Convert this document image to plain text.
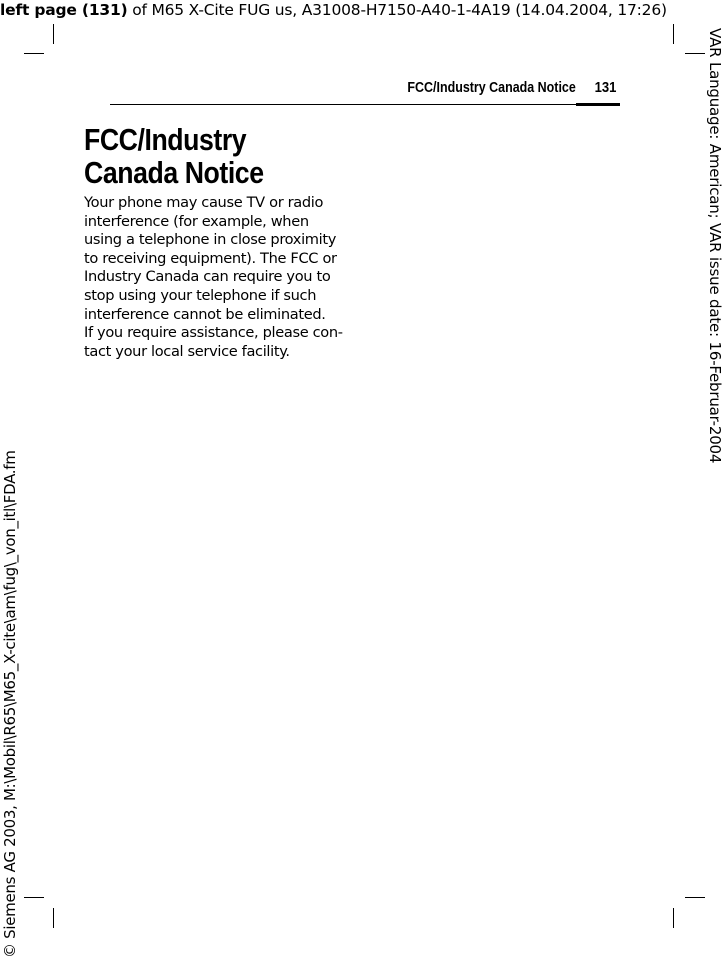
left page (131) of M65 X-Cite FUG us, A31008-H7150-A40-1-4A19 (14.04.2004, 17:26)
VAR Language: American; VAR issue date: 16-Februar-2004
© Siemens AG 2003, M:\Mobil\R65\M65_X-cite\am\fug\_von_itl\FDA.fm
FCC/Industry Canada Notice	131
FCC/Industry
Canada Notice

Your phone may cause TV or radio
interference (for example, when
using a telephone in close proximity
to receiving equipment). The FCC or
Industry Canada can require you to
stop using your telephone if such
interference cannot be eliminated.

If you require assistance, please con-
tact your local service facility.
